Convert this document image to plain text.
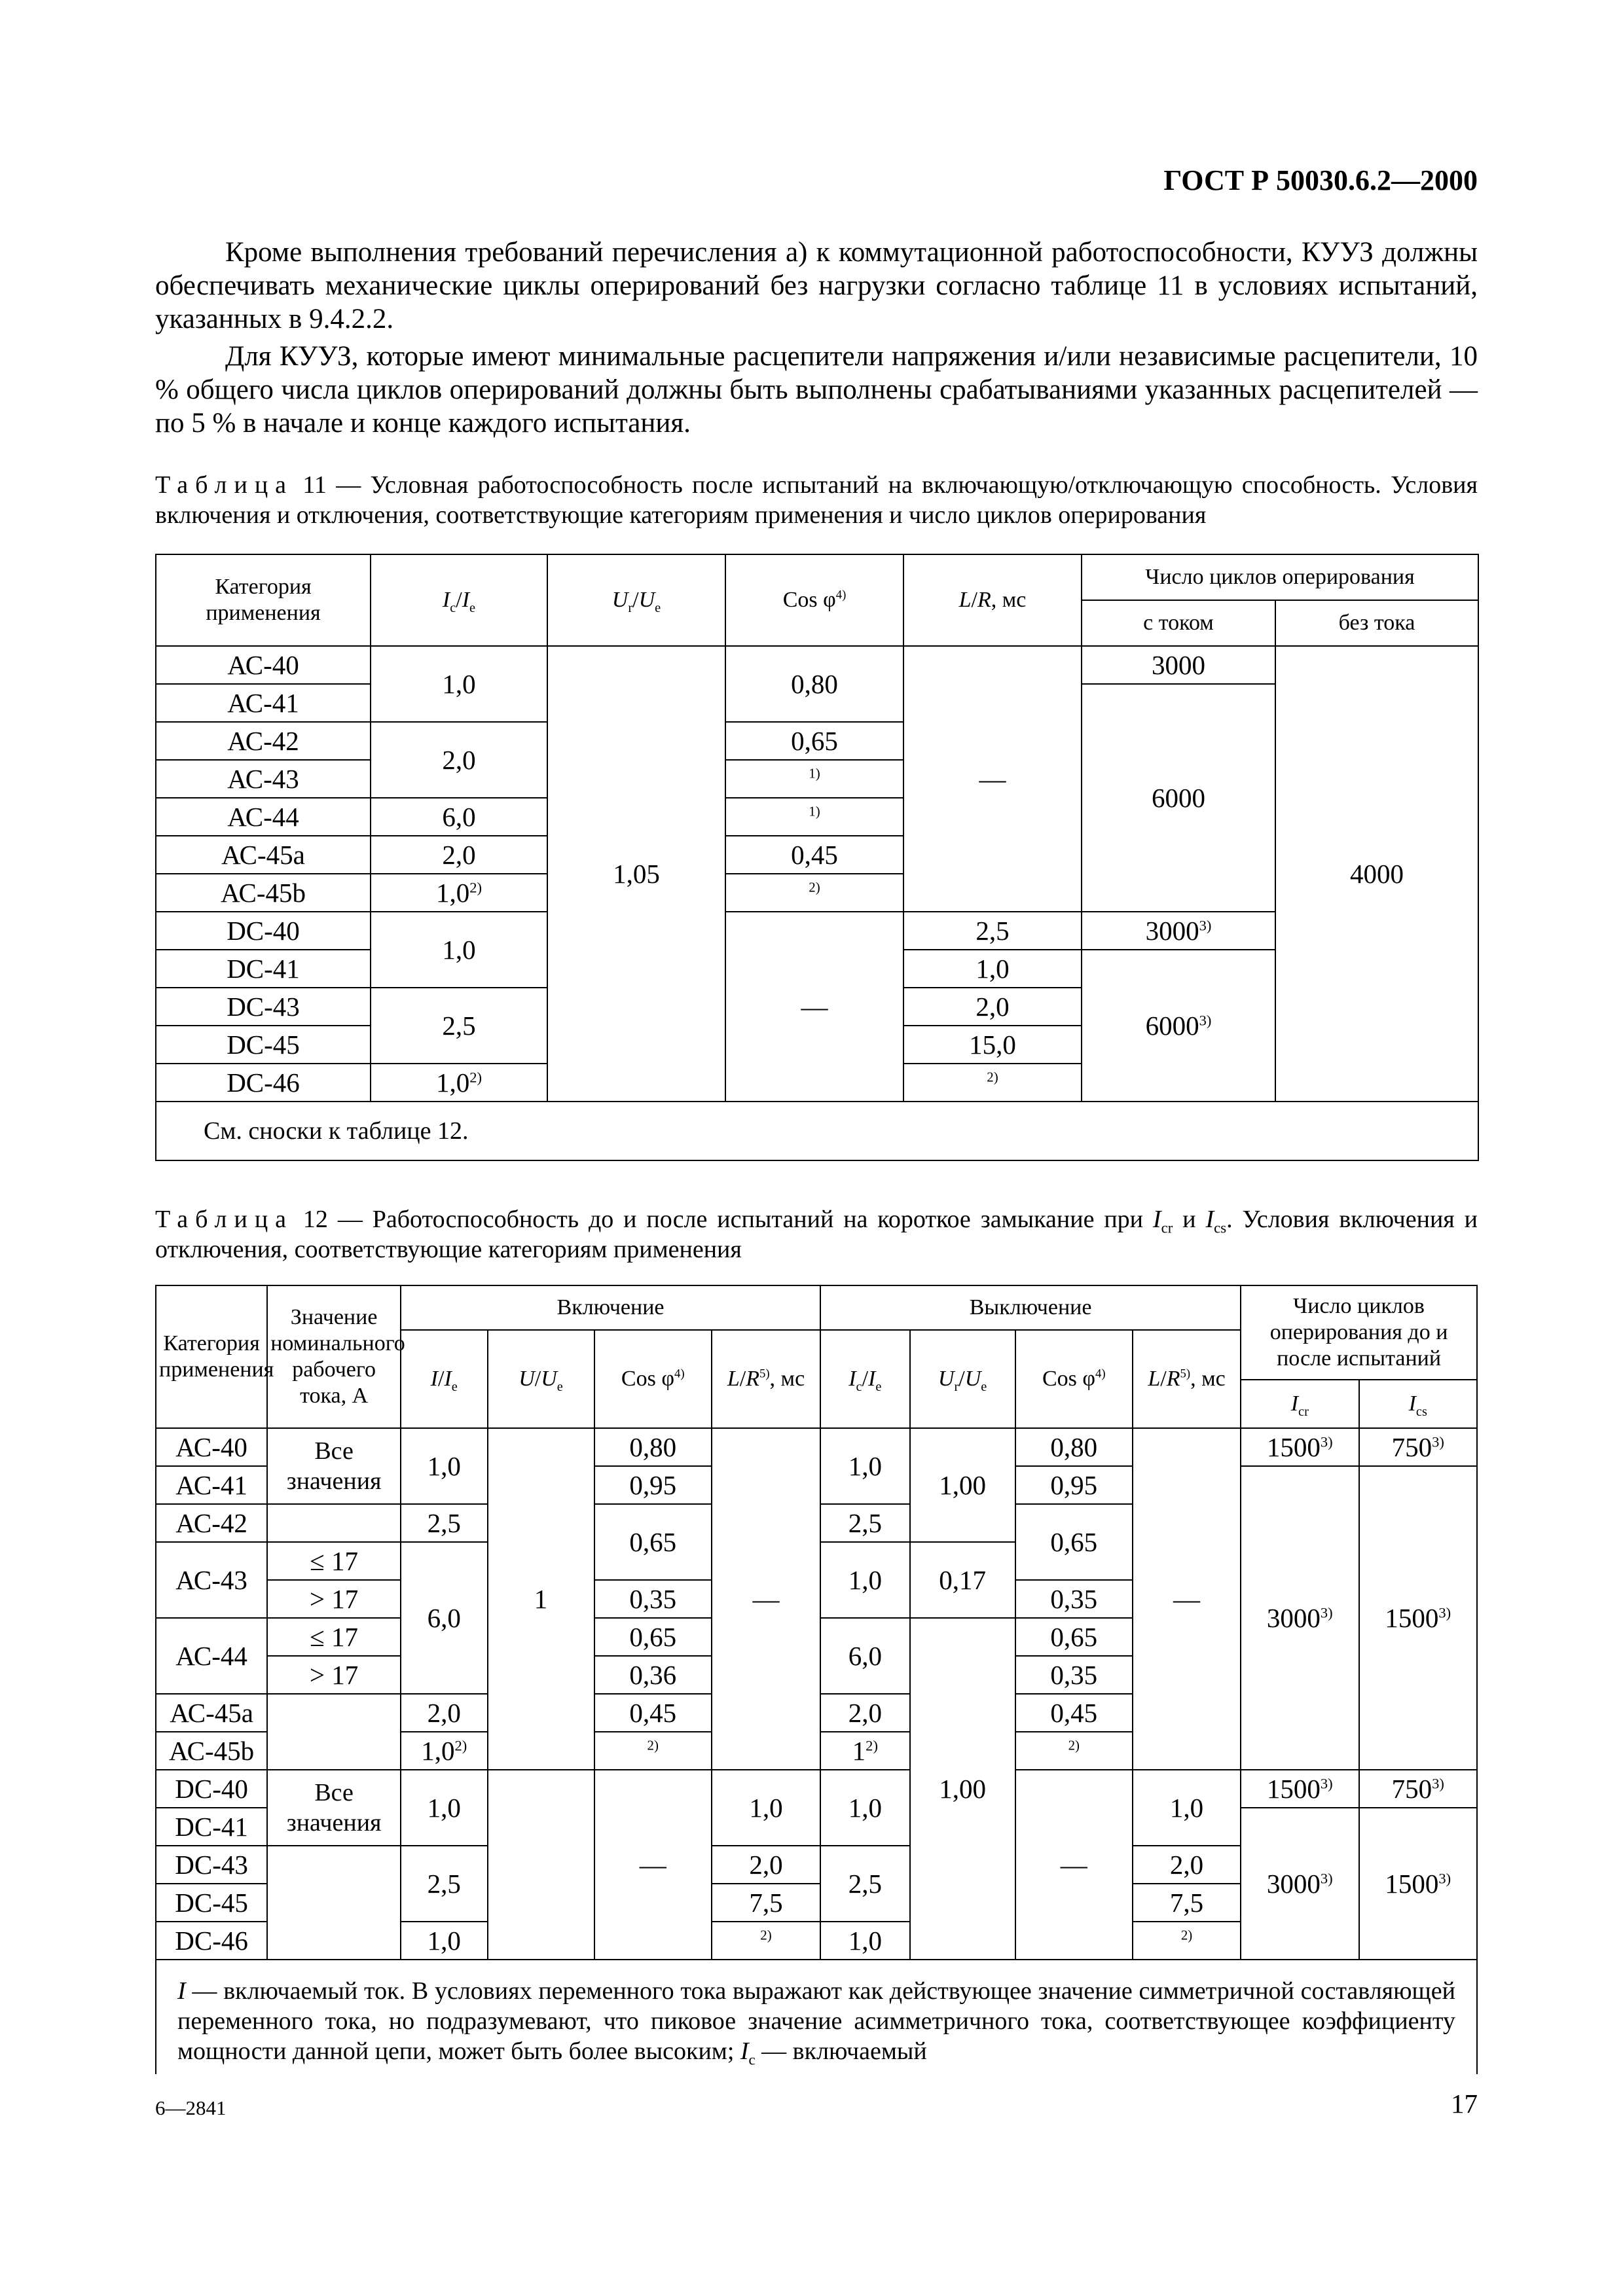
ГОСТ Р 50030.6.2—2000

Кроме выполнения требований перечисления а) к коммутационной работоспособности, КУУЗ должны обеспечивать механические циклы оперирований без нагрузки согласно таблице 11 в условиях испытаний, указанных в 9.4.2.2.

Для КУУЗ, которые имеют минимальные расцепители напряжения и/или независимые расцепители, 10 % общего числа циклов оперирований должны быть выполнены срабатываниями указанных расцепителей — по 5 % в начале и конце каждого испытания.

Таблица 11 — Условная работоспособность после испытаний на включающую/отключающую способность. Условия включения и отключения, соответствующие категориям применения и число циклов оперирования
Категория применения	$I_c/I_e$	$U_r/U_e$	Cos $\varphi^{4)}$	L/R, мс	Число циклов оперирования	
					с током	без тока
АС-40	1,0	1,05	0,80	—	3000	4000
АС-41					6000	
АС-42	2,0		0,65			
АС-43			$^{1)}$
АС-44	6,0		$^{1)}$
АС-45а	2,0		0,45			
АС-45b	1,0$^{2)}$		$^{2)}$
DC-40	1,0		—	2,5	3000$^{3)}$
DC-41				1,0	6000$^{3)}$
DC-43	2,5			2,0		
DC-45				15,0		
DC-46	1,0$^{2)}$			$^{2)}$
См. сноски к таблице 12.						
Таблица 12 — Работоспособность до и после испытаний на короткое замыкание при $I_{cr}$ и $I_{cs}$. Условия включения и отключения, соответствующие категориям применения
Категория применения	Значение номинального рабочего тока, А	Включение				Выключение				Число циклов оперирования до и после испытаний	
		$I/I_e$	$U/U_e$	Cos $\varphi^{4)}$	$L/R^{5)}$, мс	$I_c/I_e$	$U_r/U_e$	Cos $\varphi^{4)}$	$L/R^{5)}$, мс		
										$I_{cr}$	$I_{cs}$
АС-40	Все значения	1,0	1	0,80	—	1,0	1,00	0,80	—	1500$^{3)}$	750$^{3)}$
АС-41				0,95				0,95		3000$^{3)}$	1500$^{3)}$
АС-42		2,5		0,65		2,5		0,65			
АС-43	≤ 17	6,0				1,0	0,17				
	> 17			0,35				0,35			
АС-44	≤ 17			0,65		6,0	1,00	0,65			
	> 17			0,36				0,35			
АС-45а		2,0		0,45		2,0		0,45			
АС-45b		1,0$^{2)}$		$^{2)}$		1$^{2)}$		$^{2)}$
DC-40	Все значения	1,0		—	1,0	1,0		—	1,0	1500$^{3)}$	750$^{3)}$
DC-41										3000$^{3)}$	1500$^{3)}$
DC-43		2,5			2,0	2,5			2,0		
DC-45					7,5				7,5		
DC-46		1,0			$^{2)}$	1,0			$^{2)}$
I — включаемый ток. В условиях переменного тока выражают как действующее значение симметричной составляющей переменного тока, но подразумевают, что пиковое значение асимметричного тока, соответствующее коэффициенту мощности данной цепи, может быть более высоким; $I_c$ — включаемый											
6—2841	17
